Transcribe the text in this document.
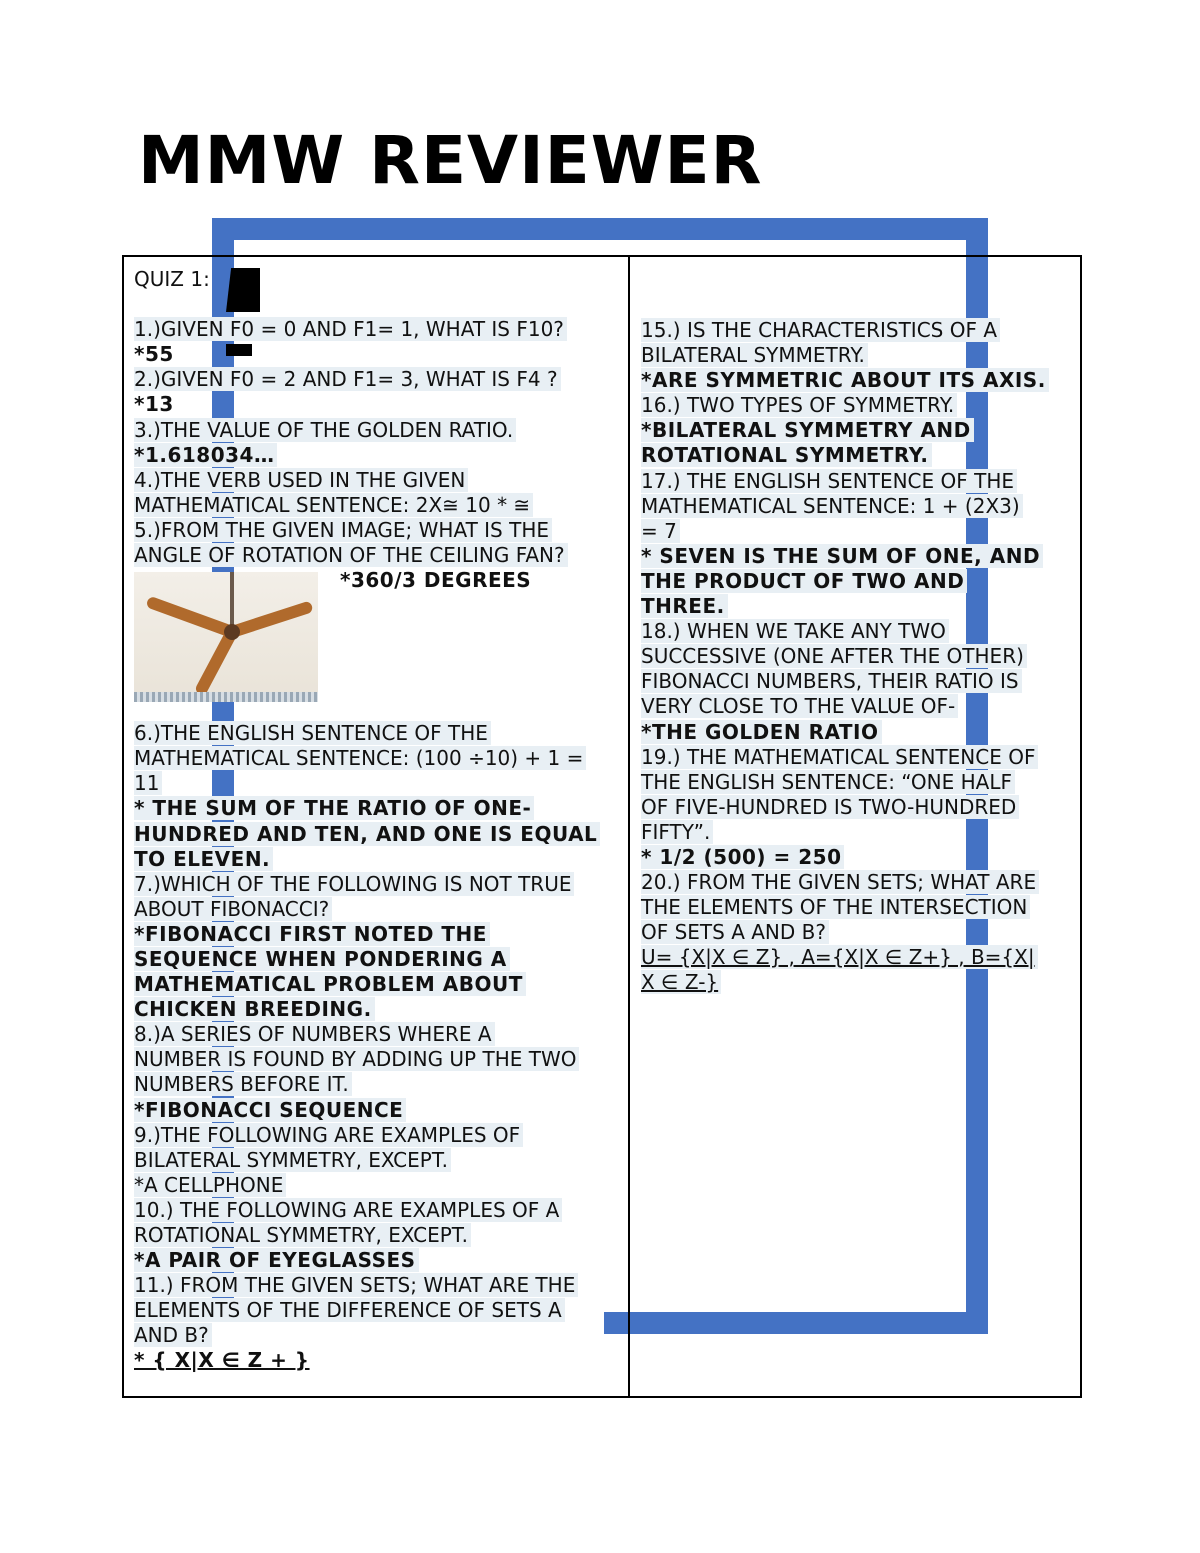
MMW REVIEWER
QUIZ 1:
1.)GIVEN F0 = 0 AND F1= 1, WHAT IS F10?
*55
2.)GIVEN F0 = 2 AND F1= 3, WHAT IS F4 ?
*13
3.)THE VALUE OF THE GOLDEN RATIO.
*1.618034…
4.)THE VERB USED IN THE GIVEN
MATHEMATICAL SENTENCE: 2X≅ 10 * ≅
5.)FROM THE GIVEN IMAGE; WHAT IS THE
ANGLE OF ROTATION OF THE CEILING FAN?
*360/3 DEGREES
6.)THE ENGLISH SENTENCE OF THE
MATHEMATICAL SENTENCE: (100 ÷10) + 1 =
11
* THE SUM OF THE RATIO OF ONE-
HUNDRED AND TEN, AND ONE IS EQUAL
TO ELEVEN.
7.)WHICH OF THE FOLLOWING IS NOT TRUE
ABOUT FIBONACCI?
*FIBONACCI FIRST NOTED THE
SEQUENCE WHEN PONDERING A
MATHEMATICAL PROBLEM ABOUT
CHICKEN BREEDING.
8.)A SERIES OF NUMBERS WHERE A
NUMBER IS FOUND BY ADDING UP THE TWO
NUMBERS BEFORE IT.
*FIBONACCI SEQUENCE
9.)THE FOLLOWING ARE EXAMPLES OF
BILATERAL SYMMETRY, EXCEPT.
*A CELLPHONE
10.) THE FOLLOWING ARE EXAMPLES OF A
ROTATIONAL SYMMETRY, EXCEPT.
*A PAIR OF EYEGLASSES
11.) FROM THE GIVEN SETS; WHAT ARE THE
ELEMENTS OF THE DIFFERENCE OF SETS A
AND B?
* { X|X ∈ Z + }
15.) IS THE CHARACTERISTICS OF A
BILATERAL SYMMETRY.
*ARE SYMMETRIC ABOUT ITS AXIS.
16.) TWO TYPES OF SYMMETRY.
*BILATERAL SYMMETRY AND
ROTATIONAL SYMMETRY.
17.) THE ENGLISH SENTENCE OF THE
MATHEMATICAL SENTENCE: 1 + (2X3)
= 7
* SEVEN IS THE SUM OF ONE, AND
THE PRODUCT OF TWO AND
THREE.
18.) WHEN WE TAKE ANY TWO
SUCCESSIVE (ONE AFTER THE OTHER)
FIBONACCI NUMBERS, THEIR RATIO IS
VERY CLOSE TO THE VALUE OF-
*THE GOLDEN RATIO
19.) THE MATHEMATICAL SENTENCE OF
THE ENGLISH SENTENCE: “ONE HALF
OF FIVE-HUNDRED IS TWO-HUNDRED
FIFTY”.
* 1/2 (500) = 250
20.) FROM THE GIVEN SETS; WHAT ARE
THE ELEMENTS OF THE INTERSECTION
OF SETS A AND B?
U= {X|X ∈ Z} , A={X|X ∈ Z+} , B={X|
X ∈ Z-}
